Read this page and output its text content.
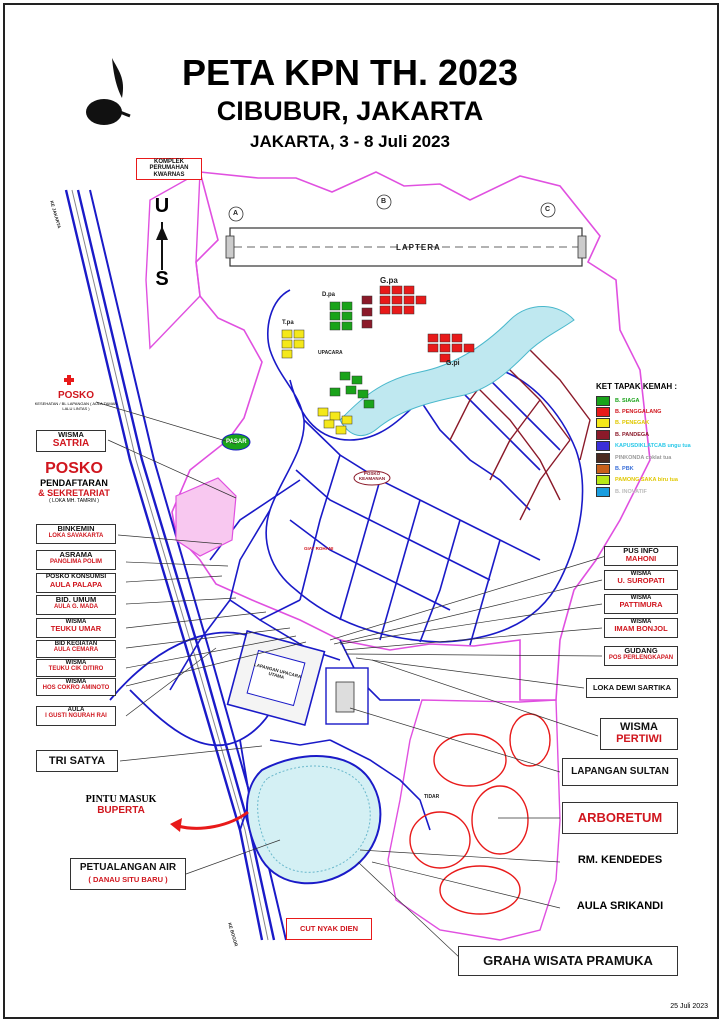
PETA KPN TH. 2023
CIBUBUR, JAKARTA
JAKARTA, 3 - 8 Juli 2023
U
S
LAPTERA
KOMPLEK PERUMAHAN KWARNAS
PASAR
POSKO KEAMANAN
G.pa
G.pi
D.pa
T.pa
UPACARA
LAPANGAN UPACARA UTAMA
TIDAR
A
B
C
GIAT ROHANI
KE JAKARTA
KE BOGOR
KET TAPAK KEMAH :
B. SIAGA
B. PENGGALANG
B. PENEGAK
B. PANDEGA
KAPUSDIKLATCAB ungu tua
PINKONDA coklat tua
B. PBK
PAMONG SAKA biru tua
B. INOVATIF
POSKO
KESEHATAN / BL LAPANGAN ( AULA TAMAN LALU LINTAS )
WISMA
SATRIA
POSKO
PENDAFTARAN
& SEKRETARIAT
( LOKA MH. TAMRIN )
BINKEMIN
LOKA SAVAKARTA
ASRAMA
PANGLIMA POLIM
POSKO KONSUMSI
AULA PALAPA
BID. UMUM
AULA G. MADA
WISMA
TEUKU UMAR
BID KEGIATAN
AULA CEMARA
WISMA
TEUKU CIK DITIRO
WISMA
HOS COKRO AMINOTO
AULA
I GUSTI NGURAH RAI
TRI SATYA
PINTU MASUK
BUPERTA
PETUALANGAN AIR
( DANAU SITU BARU )
CUT NYAK DIEN
PUS INFO
MAHONI
WISMA
U. SUROPATI
WISMA
PATTIMURA
WISMA
IMAM BONJOL
GUDANG
POS PERLENGKAPAN
LOKA DEWI SARTIKA
WISMA
PERTIWI
LAPANGAN SULTAN
ARBORETUM
RM. KENDEDES
AULA SRIKANDI
GRAHA WISATA PRAMUKA
25 Juli 2023
